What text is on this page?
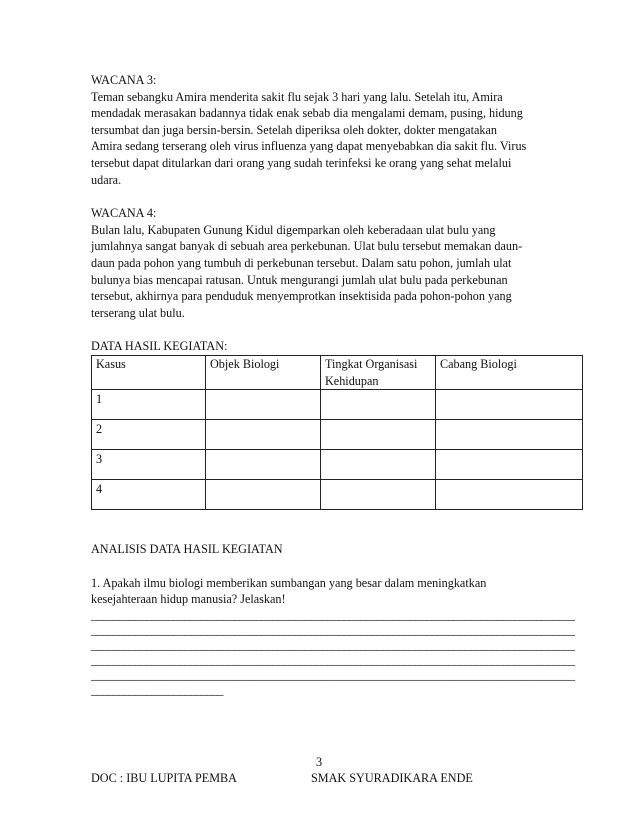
WACANA 3:

Teman sebangku Amira menderita sakit flu sejak 3 hari yang lalu. Setelah itu, Amira

mendadak merasakan badannya tidak enak sebab dia mengalami demam, pusing, hidung

tersumbat dan juga bersin-bersin. Setelah diperiksa oleh dokter, dokter mengatakan

Amira sedang terserang oleh virus influenza yang dapat menyebabkan dia sakit flu. Virus

tersebut dapat ditularkan dari orang yang sudah terinfeksi ke orang yang sehat melalui

udara.

WACANA 4:

Bulan lalu, Kabupaten Gunung Kidul digemparkan oleh keberadaan ulat bulu yang

jumlahnya sangat banyak di sebuah area perkebunan. Ulat bulu tersebut memakan daun-

daun pada pohon yang tumbuh di perkebunan tersebut. Dalam satu pohon, jumlah ulat

bulunya bias mencapai ratusan. Untuk mengurangi jumlah ulat bulu pada perkebunan

tersebut, akhirnya para penduduk menyemprotkan insektisida pada pohon-pohon yang

terserang ulat bulu.

DATA HASIL KEGIATAN:

Kasus	Objek Biologi	Tingkat Organisasi Kehidupan	Cabang Biologi
1			
2			
3			
4			

ANALISIS DATA HASIL KEGIATAN

1. Apakah ilmu biologi memberikan sumbangan yang besar dalam meningkatkan

kesejahteraan hidup manusia? Jelaskan!

________________________________________________________________________________________
________________________________________________________________________________________
________________________________________________________________________________________
________________________________________________________________________________________
________________________________________________________________________________________
________________________
3
DOC : IBU LUPITA PEMBA	SMAK SYURADIKARA ENDE
